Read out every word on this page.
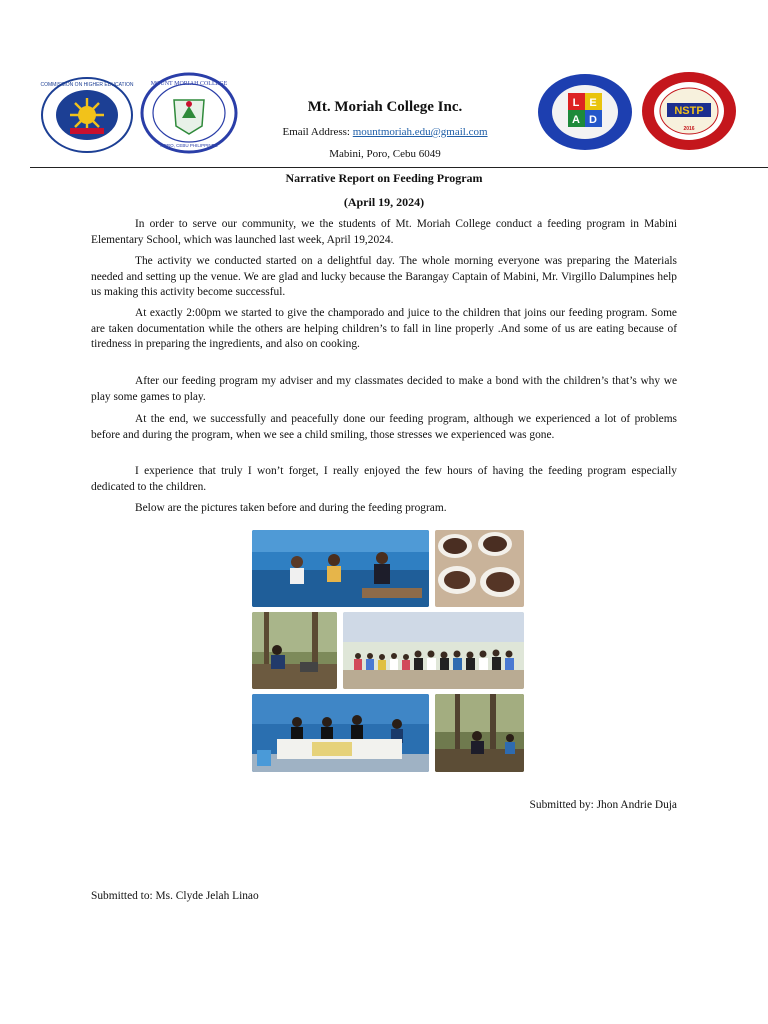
COMMISSION ON HIGHER EDUCATION	MOUNT MORIAH COLLEGE
PORO, CEBU PHILIPPINES
L E
A D
NSTP
2016
Mt. Moriah College Inc.
Email Address: mountmoriah.edu@gmail.com
Mabini, Poro, Cebu 6049
Narrative Report on Feeding Program
(April 19, 2024)

In order to serve our community, we the students of Mt. Moriah College conduct a feeding program in Mabini Elementary School, which was launched last week, April 19,2024.

The activity we conducted started on a delightful day. The whole morning everyone was preparing the Materials needed and setting up the venue. We are glad and lucky because the Barangay Captain of Mabini, Mr. Virgillo Dalumpines help us making this activity become successful.

At exactly 2:00pm we started to give the champorado and juice to the children that joins our feeding program. Some are taken documentation while the others are helping children’s to fall in line properly .And some of us are eating because of tiredness in preparing the ingredients, and also on cooking.

After our feeding program my adviser and my classmates decided to make a bond with the children’s that’s why we play some games to play.

At the end, we successfully and peacefully done our feeding program, although we experienced a lot of problems before and during the program, when we see a child smiling, those stresses we experienced was gone.

I experience that truly I won’t forget, I really enjoyed the few hours of having the feeding program especially dedicated to the children.

Below are the pictures taken before and during the feeding program.

Submitted by: Jhon Andrie Duja
Submitted to: Ms. Clyde Jelah Linao
